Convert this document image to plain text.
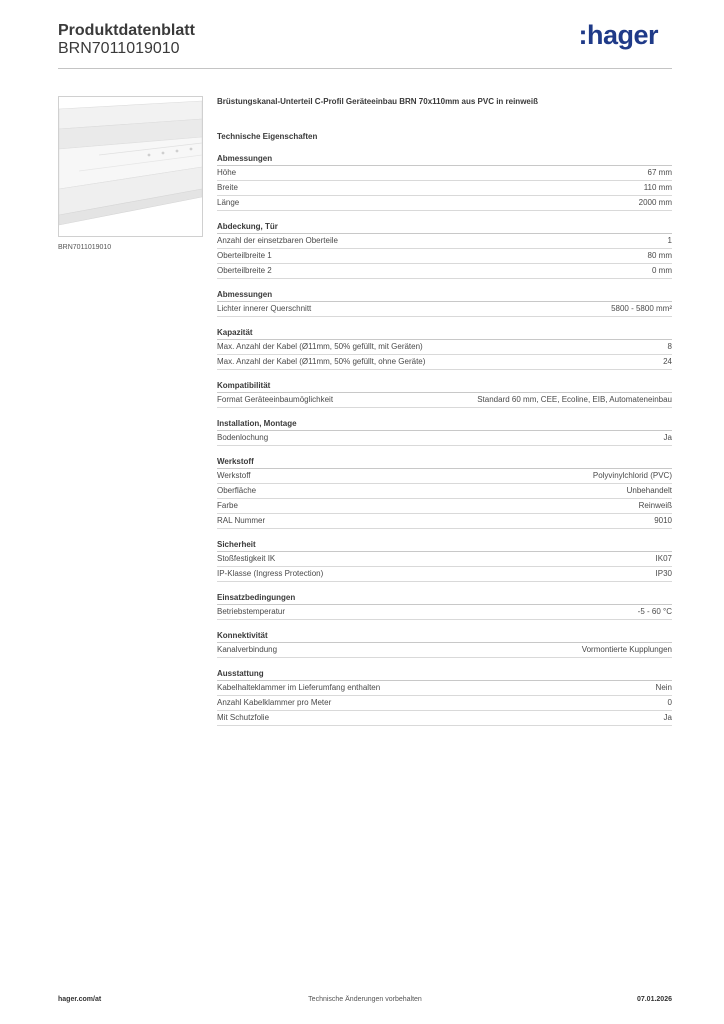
Produktdatenblatt
BRN7011019010	:hager
BRN7011019010
Brüstungskanal-Unterteil C-Profil Geräteeinbau BRN 70x110mm aus PVC in reinweiß
Technische Eigenschaften
Abmessungen
Höhe	67 mm
Breite	110 mm
Länge	2000 mm
Abdeckung, Tür
Anzahl der einsetzbaren Oberteile	1
Oberteilbreite 1	80 mm
Oberteilbreite 2	0 mm
Abmessungen
Lichter innerer Querschnitt	5800 - 5800 mm²
Kapazität
Max. Anzahl der Kabel (Ø11mm, 50% gefüllt, mit Geräten)	8
Max. Anzahl der Kabel (Ø11mm, 50% gefüllt, ohne Geräte)	24
Kompatibilität
Format Geräteeinbaumöglichkeit	Standard 60 mm, CEE, Ecoline, EIB, Automateneinbau
Installation, Montage
Bodenlochung	Ja
Werkstoff
Werkstoff	Polyvinylchlorid (PVC)
Oberfläche	Unbehandelt
Farbe	Reinweiß
RAL Nummer	9010
Sicherheit
Stoßfestigkeit IK	IK07
IP-Klasse (Ingress Protection)	IP30
Einsatzbedingungen
Betriebstemperatur	-5 - 60 °C
Konnektivität
Kanalverbindung	Vormontierte Kupplungen
Ausstattung
Kabelhalteklammer im Lieferumfang enthalten	Nein
Anzahl Kabelklammer pro Meter	0
Mit Schutzfolie	Ja
Technische Änderungen vorbehalten
hager.com/at	07.01.2026
